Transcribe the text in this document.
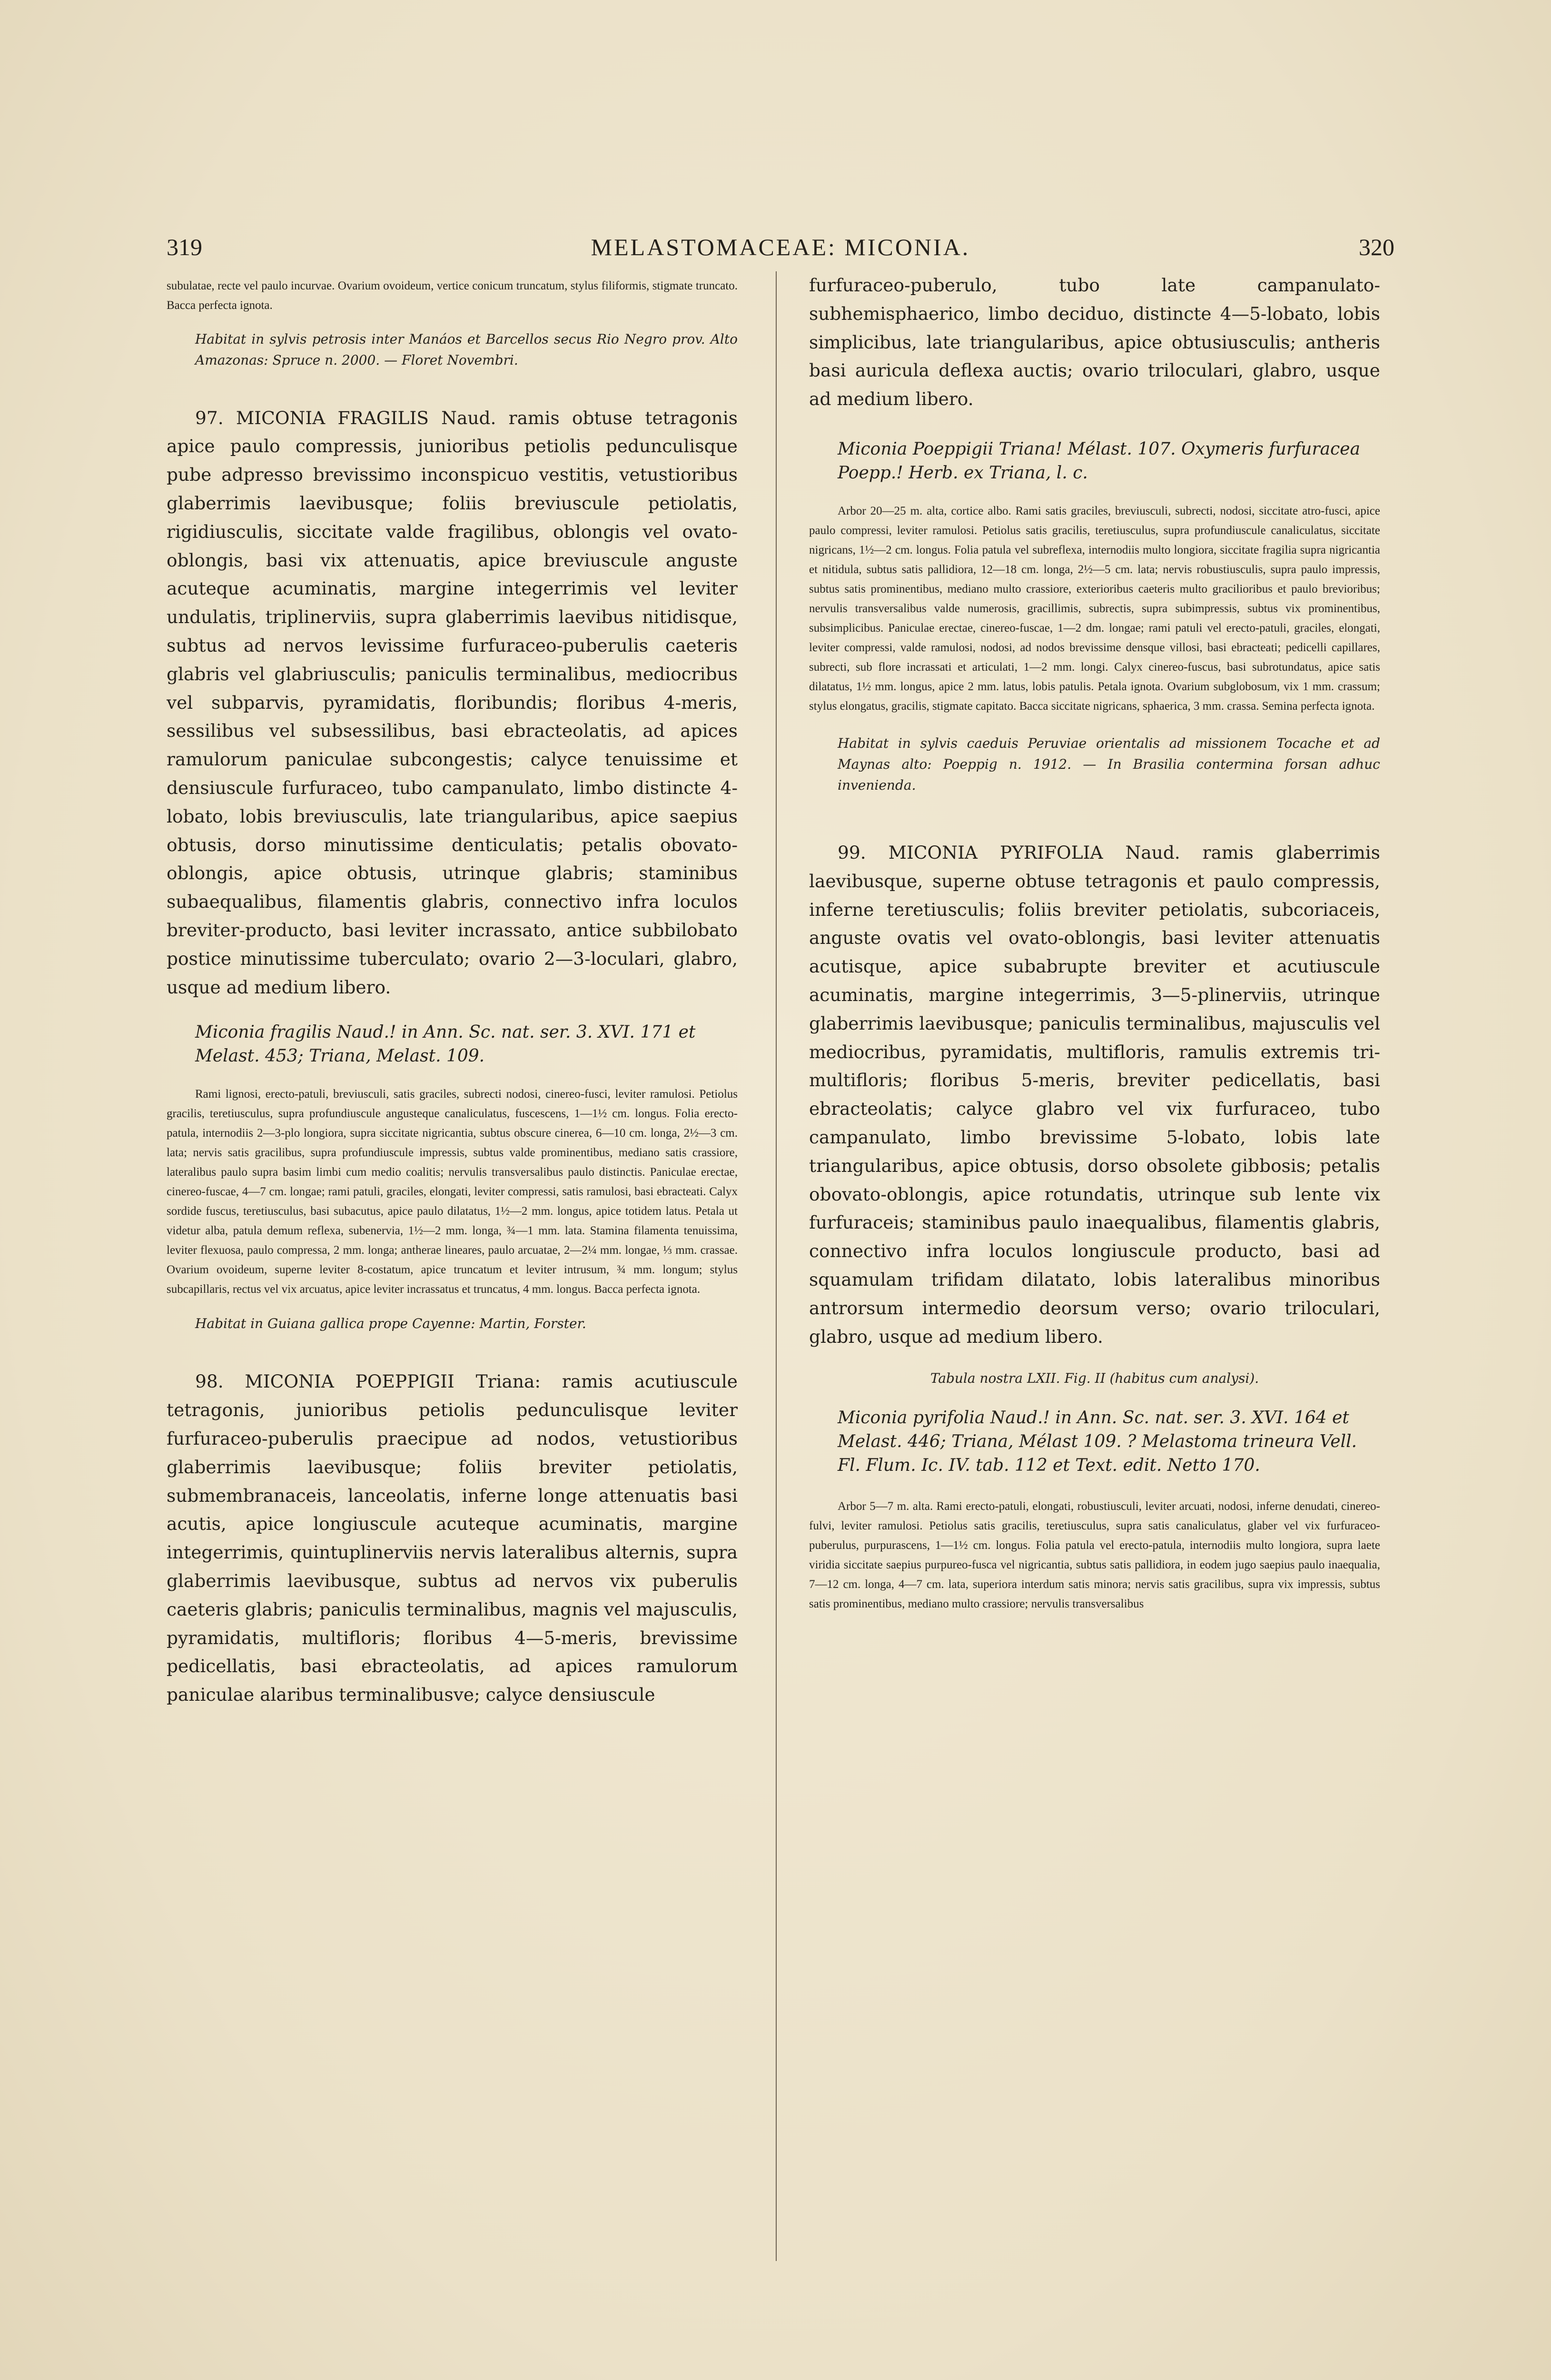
319	MELASTOMACEAE: MICONIA.	320

subulatae, recte vel paulo incurvae. Ovarium ovoideum, vertice conicum truncatum, stylus filiformis, stigmate truncato. Bacca perfecta ignota.

Habitat in sylvis petrosis inter Manáos et Barcellos secus Rio Negro prov. Alto Amazonas: Spruce n. 2000. — Floret Novembri.

97. MICONIA FRAGILIS Naud. ramis obtuse tetragonis apice paulo compressis, junioribus petiolis pedunculisque pube adpresso brevissimo inconspicuo vestitis, vetustioribus glaberrimis laevibusque; foliis breviuscule petiolatis, rigidiusculis, siccitate valde fragilibus, oblongis vel ovato-oblongis, basi vix attenuatis, apice breviuscule anguste acuteque acuminatis, margine integerrimis vel leviter undulatis, triplinerviis, supra glaberrimis laevibus nitidisque, subtus ad nervos levissime furfuraceo-puberulis caeteris glabris vel glabriusculis; paniculis terminalibus, mediocribus vel subparvis, pyramidatis, floribundis; floribus 4-meris, sessilibus vel subsessilibus, basi ebracteolatis, ad apices ramulorum paniculae subcongestis; calyce tenuissime et densiuscule furfuraceo, tubo campanulato, limbo distincte 4-lobato, lobis breviusculis, late triangularibus, apice saepius obtusis, dorso minutissime denticulatis; petalis obovato-oblongis, apice obtusis, utrinque glabris; staminibus subaequalibus, filamentis glabris, connectivo infra loculos breviter-producto, basi leviter incrassato, antice subbilobato postice minutissime tuberculato; ovario 2—3-loculari, glabro, usque ad medium libero.

Miconia fragilis Naud.! in Ann. Sc. nat. ser. 3. XVI. 171 et Melast. 453; Triana, Melast. 109.

Rami lignosi, erecto-patuli, breviusculi, satis graciles, subrecti nodosi, cinereo-fusci, leviter ramulosi. Petiolus gracilis, teretiusculus, supra profundiuscule angusteque canaliculatus, fuscescens, 1—1½ cm. longus. Folia erecto-patula, internodiis 2—3-plo longiora, supra siccitate nigricantia, subtus obscure cinerea, 6—10 cm. longa, 2½—3 cm. lata; nervis satis gracilibus, supra profundiuscule impressis, subtus valde prominentibus, mediano satis crassiore, lateralibus paulo supra basim limbi cum medio coalitis; nervulis transversalibus paulo distinctis. Paniculae erectae, cinereo-fuscae, 4—7 cm. longae; rami patuli, graciles, elongati, leviter compressi, satis ramulosi, basi ebracteati. Calyx sordide fuscus, teretiusculus, basi subacutus, apice paulo dilatatus, 1½—2 mm. longus, apice totidem latus. Petala ut videtur alba, patula demum reflexa, subenervia, 1½—2 mm. longa, ¾—1 mm. lata. Stamina filamenta tenuissima, leviter flexuosa, paulo compressa, 2 mm. longa; antherae lineares, paulo arcuatae, 2—2¼ mm. longae, ⅓ mm. crassae. Ovarium ovoideum, superne leviter 8-costatum, apice truncatum et leviter intrusum, ¾ mm. longum; stylus subcapillaris, rectus vel vix arcuatus, apice leviter incrassatus et truncatus, 4 mm. longus. Bacca perfecta ignota.

Habitat in Guiana gallica prope Cayenne: Martin, Forster.

98. MICONIA POEPPIGII Triana: ramis acutiuscule tetragonis, junioribus petiolis pedunculisque leviter furfuraceo-puberulis praecipue ad nodos, vetustioribus glaberrimis laevibusque; foliis breviter petiolatis, submembranaceis, lanceolatis, inferne longe attenuatis basi acutis, apice longiuscule acuteque acuminatis, margine integerrimis, quintuplinerviis nervis lateralibus alternis, supra glaberrimis laevibusque, subtus ad nervos vix puberulis caeteris glabris; paniculis terminalibus, magnis vel majusculis, pyramidatis, multifloris; floribus 4—5-meris, brevissime pedicellatis, basi ebracteolatis, ad apices ramulorum paniculae alaribus terminalibusve; calyce densiuscule

furfuraceo-puberulo, tubo late campanulato-subhemisphaerico, limbo deciduo, distincte 4—5-lobato, lobis simplicibus, late triangularibus, apice obtusiusculis; antheris basi auricula deflexa auctis; ovario triloculari, glabro, usque ad medium libero.

Miconia Poeppigii Triana! Mélast. 107. Oxymeris furfuracea Poepp.! Herb. ex Triana, l. c.

Arbor 20—25 m. alta, cortice albo. Rami satis graciles, breviusculi, subrecti, nodosi, siccitate atro-fusci, apice paulo compressi, leviter ramulosi. Petiolus satis gracilis, teretiusculus, supra profundiuscule canaliculatus, siccitate nigricans, 1½—2 cm. longus. Folia patula vel subreflexa, internodiis multo longiora, siccitate fragilia supra nigricantia et nitidula, subtus satis pallidiora, 12—18 cm. longa, 2½—5 cm. lata; nervis robustiusculis, supra paulo impressis, subtus satis prominentibus, mediano multo crassiore, exterioribus caeteris multo gracilioribus et paulo brevioribus; nervulis transversalibus valde numerosis, gracillimis, subrectis, supra subimpressis, subtus vix prominentibus, subsimplicibus. Paniculae erectae, cinereo-fuscae, 1—2 dm. longae; rami patuli vel erecto-patuli, graciles, elongati, leviter compressi, valde ramulosi, nodosi, ad nodos brevissime densque villosi, basi ebracteati; pedicelli capillares, subrecti, sub flore incrassati et articulati, 1—2 mm. longi. Calyx cinereo-fuscus, basi subrotundatus, apice satis dilatatus, 1½ mm. longus, apice 2 mm. latus, lobis patulis. Petala ignota. Ovarium subglobosum, vix 1 mm. crassum; stylus elongatus, gracilis, stigmate capitato. Bacca siccitate nigricans, sphaerica, 3 mm. crassa. Semina perfecta ignota.

Habitat in sylvis caeduis Peruviae orientalis ad missionem Tocache et ad Maynas alto: Poeppig n. 1912. — In Brasilia contermina forsan adhuc invenienda.

99. MICONIA PYRIFOLIA Naud. ramis glaberrimis laevibusque, superne obtuse tetragonis et paulo compressis, inferne teretiusculis; foliis breviter petiolatis, subcoriaceis, anguste ovatis vel ovato-oblongis, basi leviter attenuatis acutisque, apice subabrupte breviter et acutiuscule acuminatis, margine integerrimis, 3—5-plinerviis, utrinque glaberrimis laevibusque; paniculis terminalibus, majusculis vel mediocribus, pyramidatis, multifloris, ramulis extremis tri-multifloris; floribus 5-meris, breviter pedicellatis, basi ebracteolatis; calyce glabro vel vix furfuraceo, tubo campanulato, limbo brevissime 5-lobato, lobis late triangularibus, apice obtusis, dorso obsolete gibbosis; petalis obovato-oblongis, apice rotundatis, utrinque sub lente vix furfuraceis; staminibus paulo inaequalibus, filamentis glabris, connectivo infra loculos longiuscule producto, basi ad squamulam trifidam dilatato, lobis lateralibus minoribus antrorsum intermedio deorsum verso; ovario triloculari, glabro, usque ad medium libero.

Tabula nostra LXII. Fig. II (habitus cum analysi).

Miconia pyrifolia Naud.! in Ann. Sc. nat. ser. 3. XVI. 164 et Melast. 446; Triana, Mélast 109. ? Melastoma trineura Vell. Fl. Flum. Ic. IV. tab. 112 et Text. edit. Netto 170.

Arbor 5—7 m. alta. Rami erecto-patuli, elongati, robustiusculi, leviter arcuati, nodosi, inferne denudati, cinereo-fulvi, leviter ramulosi. Petiolus satis gracilis, teretiusculus, supra satis canaliculatus, glaber vel vix furfuraceo-puberulus, purpurascens, 1—1½ cm. longus. Folia patula vel erecto-patula, internodiis multo longiora, supra laete viridia siccitate saepius purpureo-fusca vel nigricantia, subtus satis pallidiora, in eodem jugo saepius paulo inaequalia, 7—12 cm. longa, 4—7 cm. lata, superiora interdum satis minora; nervis satis gracilibus, supra vix impressis, subtus satis prominentibus, mediano multo crassiore; nervulis transversalibus
